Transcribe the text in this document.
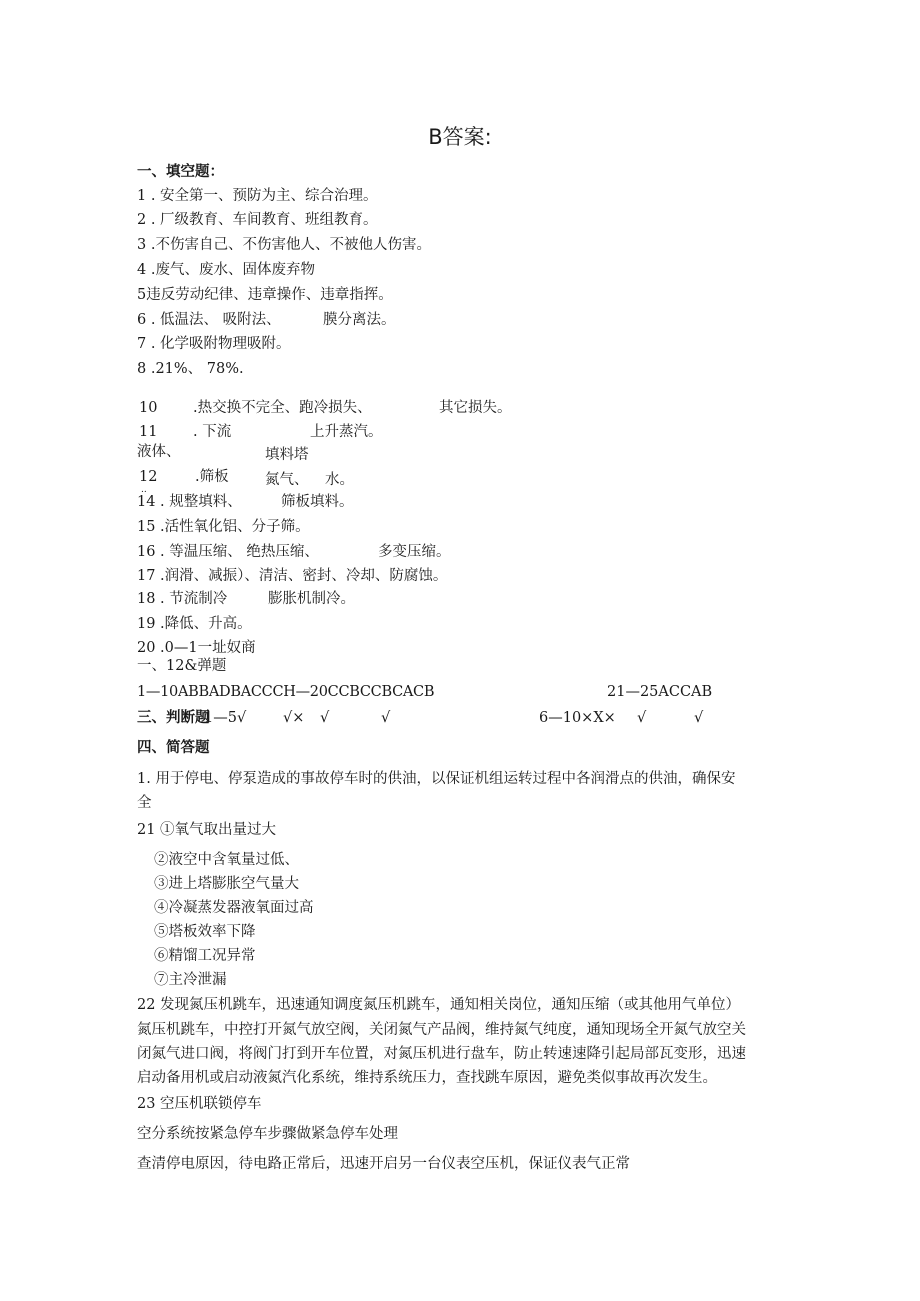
B答案:
一、填空题：
1 . 安全第一、预防为主、综合治理。
2 . 厂级教育、车间教育、班组教育。
3 .不伤害自己、不伤害他人、不被他人伤害。
4 .废气、废水、固体废弃物
5违反劳动纪律、违章操作、违章指挥。
6 . 低温法、 吸附法、	膜分离法。
7 . 化学吸附物理吸附。
8 .21%、 78%.
10 .热交换不完全、跑冷损失、	其它损失。
11 . 下流	上升蒸汽。
液体、	填料塔
12	.筛板	氮气、 水。
..
14 . 规整填料、	筛板填料。
15 .活性氧化铝、分子筛。
16 . 等温压缩、 绝热压缩、	多变压缩。
17 .润滑、减振）、清洁、密封、冷却、防腐蚀。
18 . 节流制冷	膨胀机制冷。
19 .降低、升高。
20 .0—1一址奴商
一、12&弹题
1—10ABBADBACCCH—20CCBCCBCACB	21—25ACCAB
三、判断题
1—5√	√× √	√	6—10×X× √	√
四、简答题
1. 用于停电、停泵造成的事故停车时的供油，以保证机组运转过程中各润滑点的供油，确保安
全
21 ①氧气取出量过大
②液空中含氧量过低、
③进上塔膨胀空气量大
④冷凝蒸发器液氧面过高
⑤塔板效率下降
⑥精馏工况异常
⑦主冷泄漏
22 发现氮压机跳车，迅速通知调度氮压机跳车，通知相关岗位，通知压缩（或其他用气单位）
氮压机跳车，中控打开氮气放空阀，关闭氮气产品阀，维持氮气纯度，通知现场全开氮气放空关
闭氮气进口阀，将阀门打到开车位置，对氮压机进行盘车，防止转速速降引起局部瓦变形，迅速
启动备用机或启动液氮汽化系统，维持系统压力，查找跳车原因，避免类似事故再次发生。
23 空压机联锁停车
空分系统按紧急停车步骤做紧急停车处理
查清停电原因，待电路正常后，迅速开启另一台仪表空压机，保证仪表气正常
